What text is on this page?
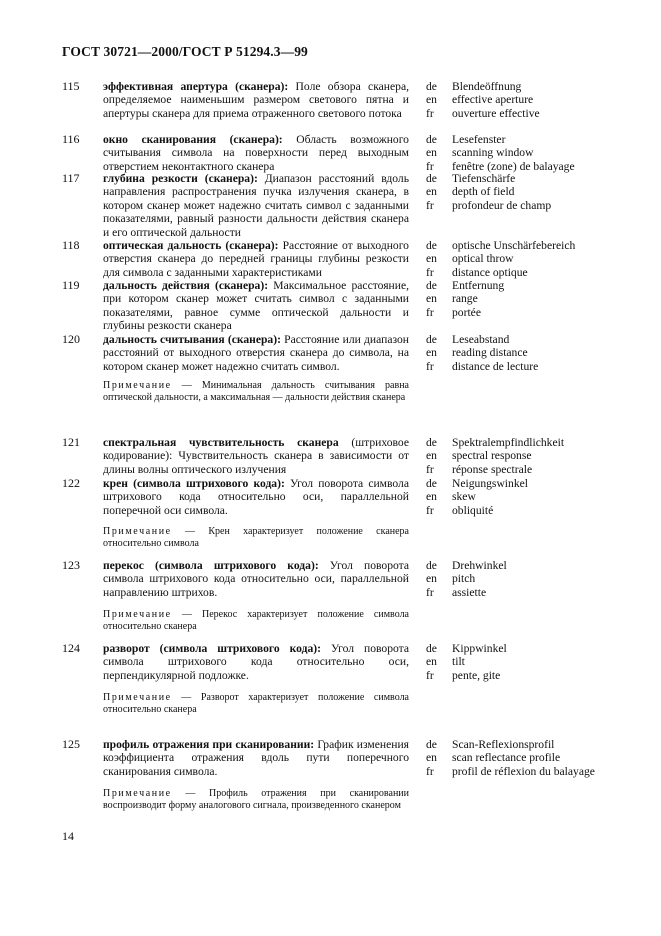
ГОСТ 30721—2000/ГОСТ Р 51294.3—99
115 эффективная апертура (сканера): Поле обзора сканера, определяемое наименьшим размером светового пятна и апертуры сканера для приема отраженного светового потока
de	Blendeöffnung
en	effective aperture
fr	ouverture effective
116 окно сканирования (сканера): Область возможного считывания символа на поверхности перед выходным отверстием неконтактного сканера
de	Lesefenster
en	scanning window
fr	fenêtre (zone) de balayage
117 глубина резкости (сканера): Диапазон расстояний вдоль направления распространения пучка излучения сканера, в котором сканер может надежно считать символ с заданными показателями, равный разности дальности действия сканера и его оптической дальности
de	Tiefenschärfe
en	depth of field
fr	profondeur de champ
118 оптическая дальность (сканера): Расстояние от выходного отверстия сканера до передней границы глубины резкости для символа с заданными характеристиками
de	optische Unschärfebereich
en	optical throw
fr	distance optique
119 дальность действия (сканера): Максимальное расстояние, при котором сканер может считать символ с заданными показателями, равное сумме оптической дальности и глубины резкости сканера
de	Entfernung
en	range
fr	portée
120 дальность считывания (сканера): Расстояние или диапазон расстояний от выходного отверстия сканера до символа, на котором сканер может надежно считать символ.
de	Leseabstand
en	reading distance
fr	distance de lecture
Примечание — Минимальная дальность считывания равна оптической дальности, а максимальная — дальности действия сканера
121 спектральная чувствительность сканера (штриховое кодирование): Чувствительность сканера в зависимости от длины волны оптического излучения
de	Spektralempfindlichkeit
en	spectral response
fr	réponse spectrale
122 крен (символа штрихового кода): Угол поворота символа штрихового кода относительно оси, параллельной поперечной оси символа.
de	Neigungswinkel
en	skew
fr	obliquité
Примечание — Крен характеризует положение сканера относительно символа
123 перекос (символа штрихового кода): Угол поворота символа штрихового кода относительно оси, параллельной направлению штрихов.
de	Drehwinkel
en	pitch
fr	assiette
Примечание — Перекос характеризует положение символа относительно сканера
124 разворот (символа штрихового кода): Угол поворота символа штрихового кода относительно оси, перпендикулярной подложке.
de	Kippwinkel
en	tilt
fr	pente, gite
Примечание — Разворот характеризует положение символа относительно сканера
125 профиль отражения при сканировании: График изменения коэффициента отражения вдоль пути поперечного сканирования символа.
de	Scan-Reflexionsprofil
en	scan reflectance profile
fr	profil de réflexion du balayage
Примечание — Профиль отражения при сканировании воспроизводит форму аналогового сигнала, произведенного сканером
14
